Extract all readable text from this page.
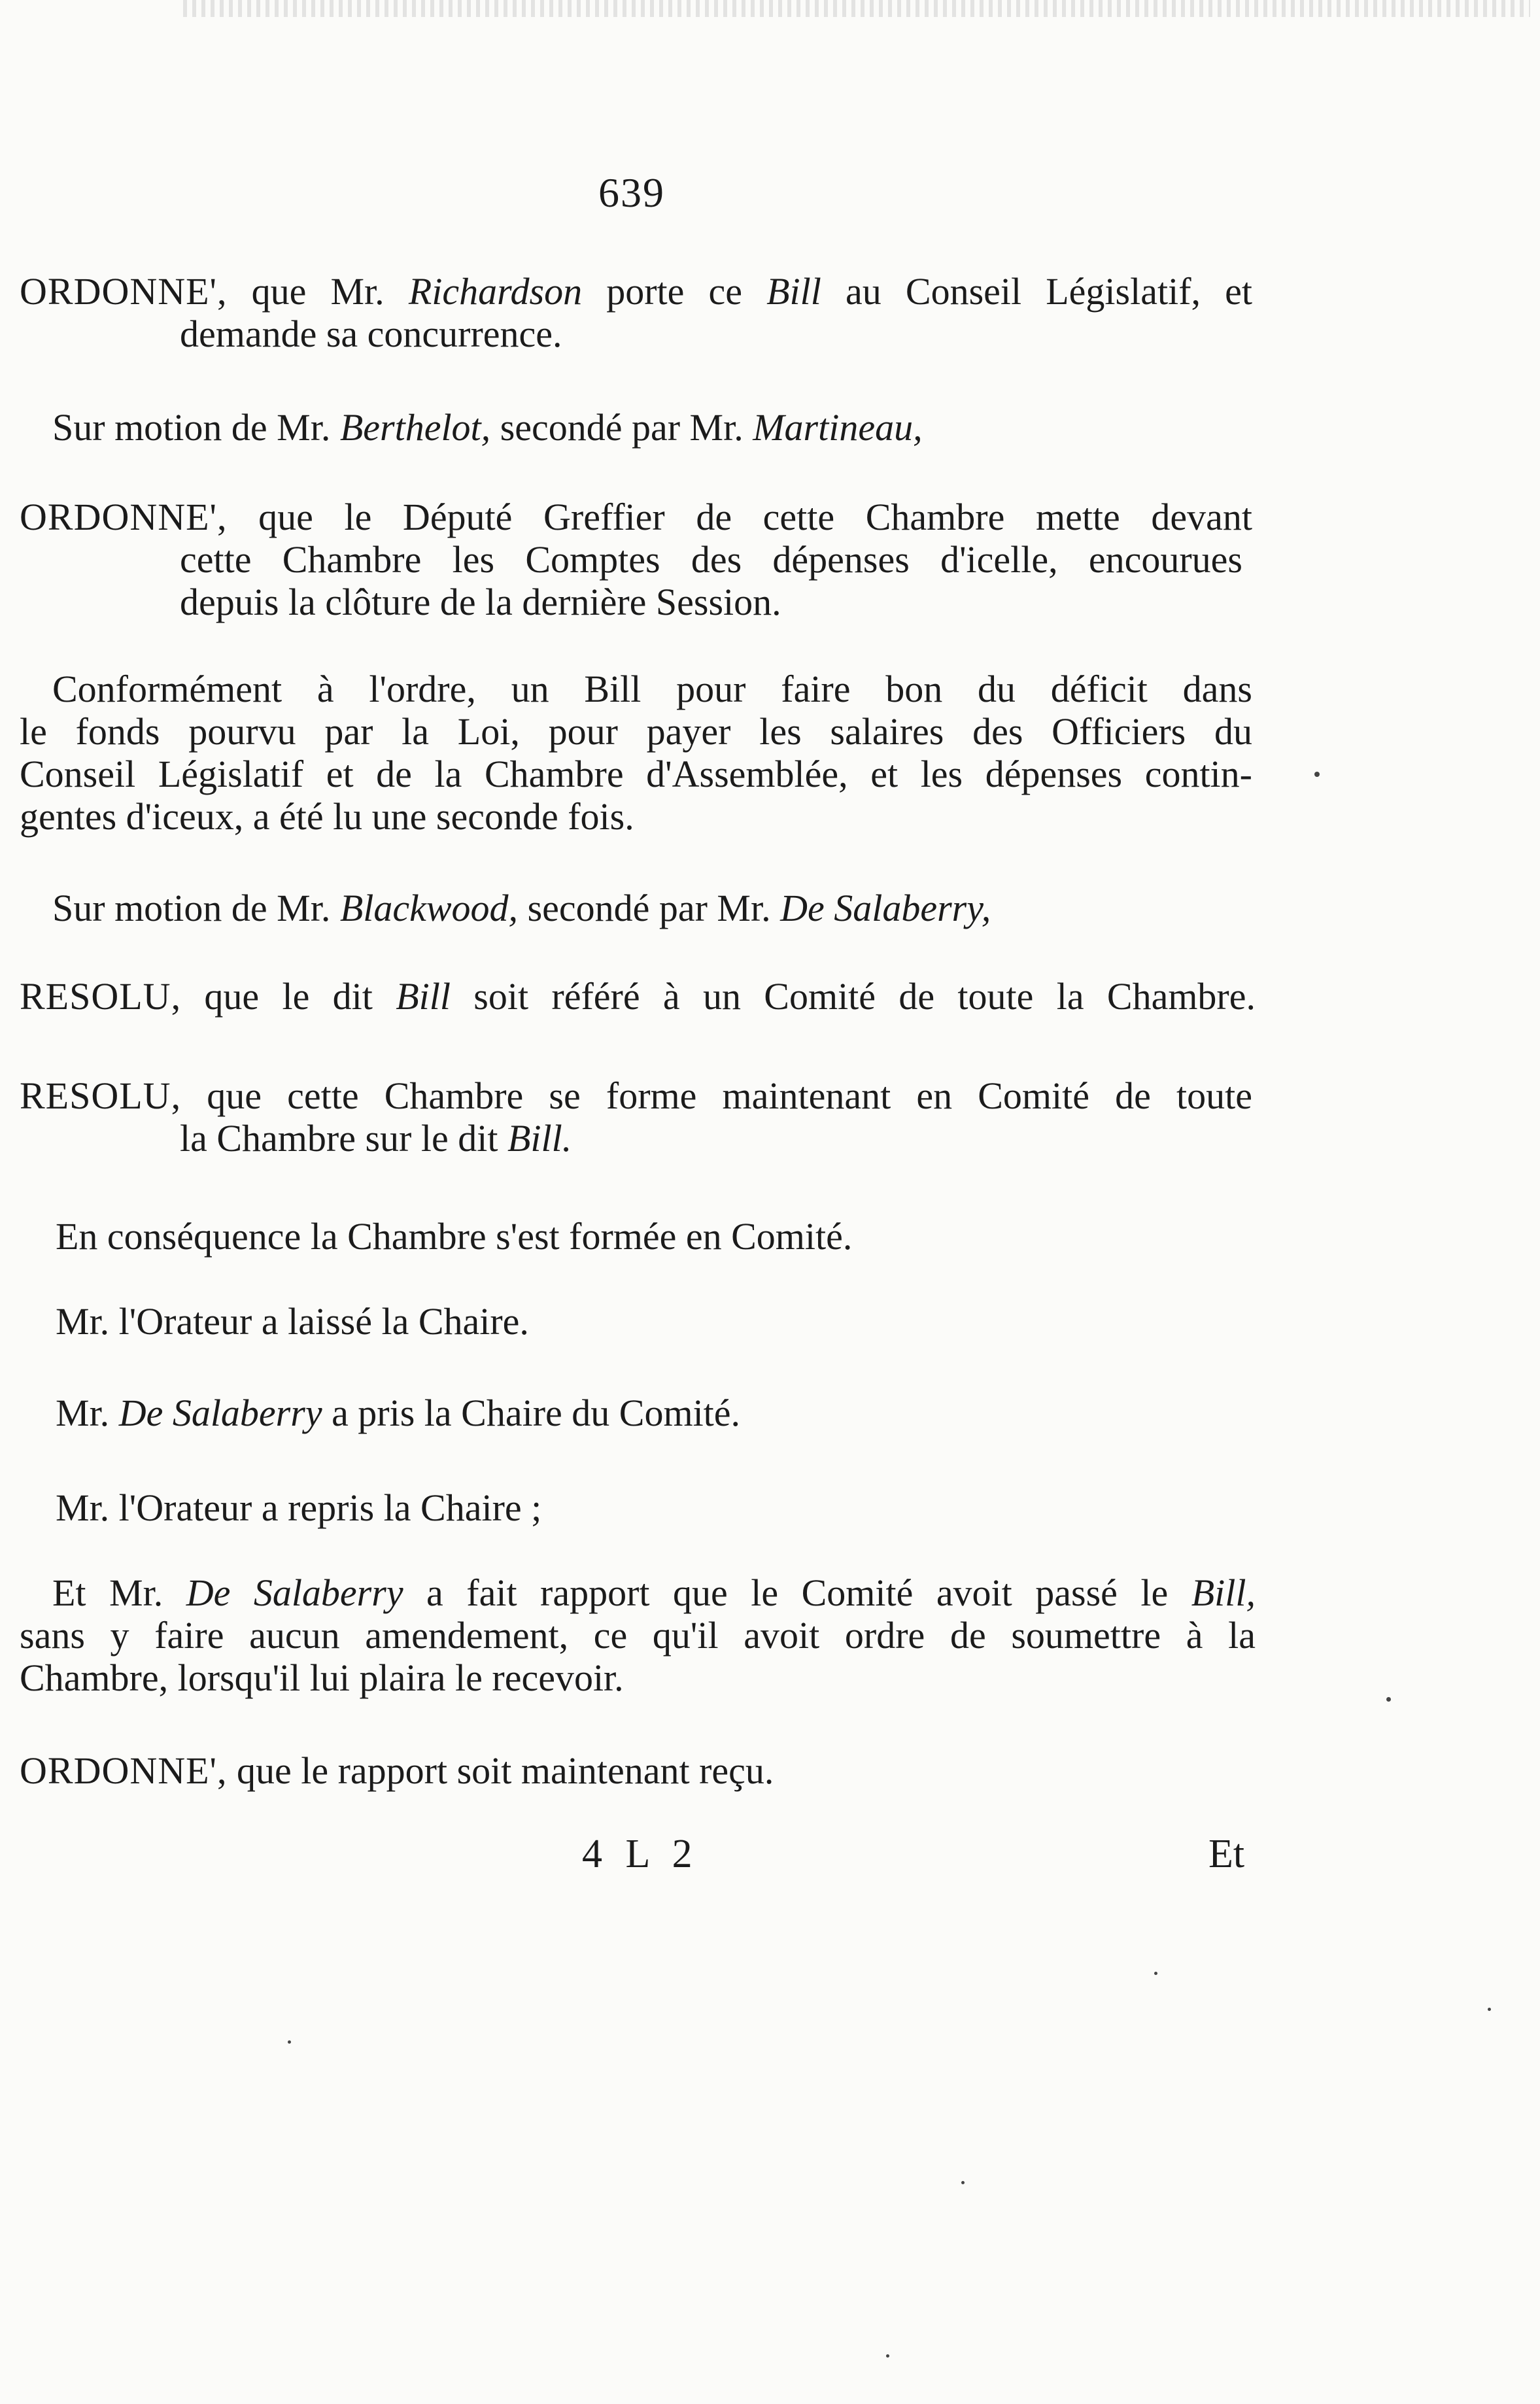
639
ORDONNE', que Mr. Richardson porte ce Bill au Conseil Législatif, et
demande sa concurrence.
Sur motion de Mr. Berthelot, secondé par Mr. Martineau,
ORDONNE', que le Député Greffier de cette Chambre mette devant
cette Chambre les Comptes des dépenses d'icelle, encourues
depuis la clôture de la dernière Session.
Conformément à l'ordre, un Bill pour faire bon du déficit dans
le fonds pourvu par la Loi, pour payer les salaires des Officiers du
Conseil Législatif et de la Chambre d'Assemblée, et les dépenses contin-
gentes d'iceux, a été lu une seconde fois.
Sur motion de Mr. Blackwood, secondé par Mr. De Salaberry,
RESOLU, que le dit Bill soit référé à un Comité de toute la Chambre.
RESOLU, que cette Chambre se forme maintenant en Comité de toute
la Chambre sur le dit Bill.
En conséquence la Chambre s'est formée en Comité.
Mr. l'Orateur a laissé la Chaire.
Mr. De Salaberry a pris la Chaire du Comité.
Mr. l'Orateur a repris la Chaire ;
Et Mr. De Salaberry a fait rapport que le Comité avoit passé le Bill,
sans y faire aucun amendement, ce qu'il avoit ordre de soumettre à la
Chambre, lorsqu'il lui plaira le recevoir.
ORDONNE', que le rapport soit maintenant reçu.
4 L 2	Et
